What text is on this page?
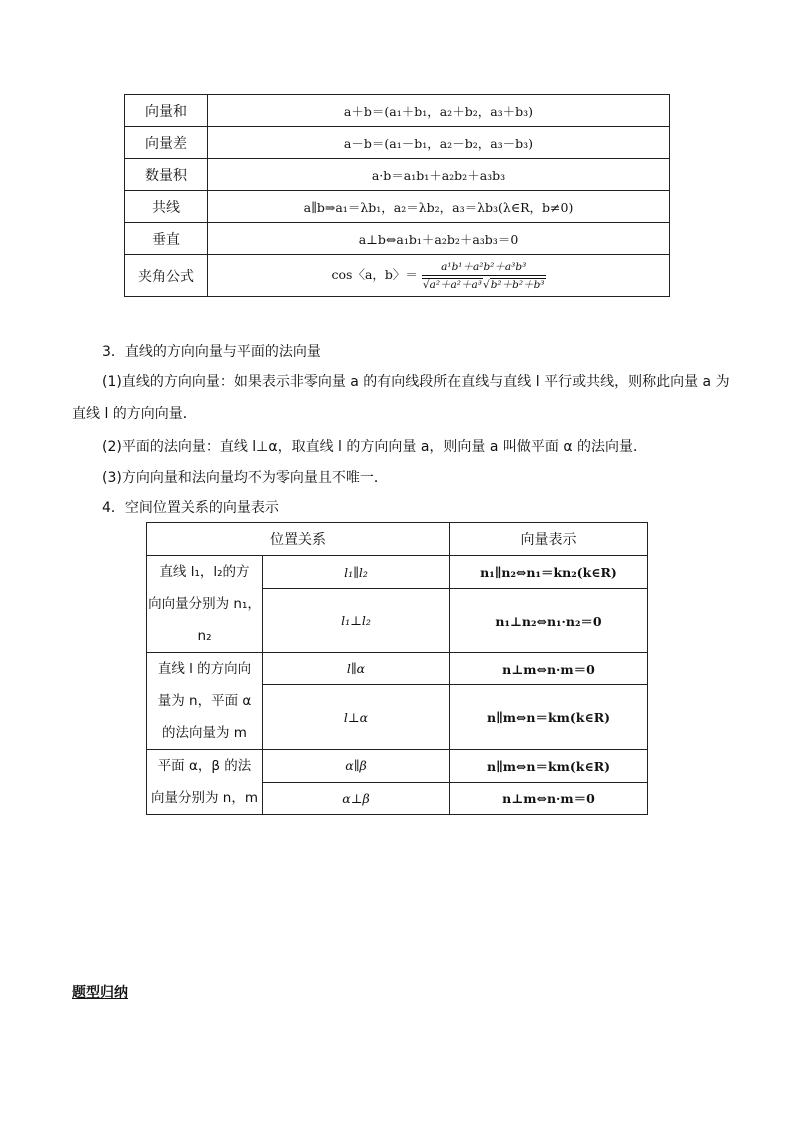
向量和	a＋b＝(a₁＋b₁，a₂＋b₂，a₃＋b₃)
向量差	a－b＝(a₁－b₁，a₂－b₂，a₃－b₃)
数量积	a·b＝a₁b₁＋a₂b₂＋a₃b₃
共线	a∥b⇒a₁＝λb₁，a₂＝λb₂，a₃＝λb₃(λ∈R，b≠0)
垂直	a⊥b⇔a₁b₁＋a₂b₂＋a₃b₃＝0
夹角公式	cos〈a，b〉＝ $\frac{\text{a¹b¹＋a²b²＋a³b³}}{\text{√a²＋a²＋a³√b²＋b²＋b³}}$
3．直线的方向向量与平面的法向量
(1)直线的方向向量：如果表示非零向量 a 的有向线段所在直线与直线 l 平行或共线，则称此向量 a 为
直线 l 的方向向量．
(2)平面的法向量：直线 l⊥α，取直线 l 的方向向量 a，则向量 a 叫做平面 α 的法向量．
(3)方向向量和法向量均不为零向量且不唯一．
4．空间位置关系的向量表示
位置关系		向量表示

直线 l₁，l₂的方
向向量分别为 n₁，
n₂	l₁∥l₂	n₁∥n₂⇔n₁＝kn₂(k∈R)
	l₁⊥l₂	n₁⊥n₂⇔n₁·n₂＝0

直线 l 的方向向
量为 n，平面 α
的法向量为 m	l∥α	n⊥m⇔n·m＝0
	l⊥α	n∥m⇔n＝km(k∈R)

平面 α，β 的法
向量分别为 n，m	α∥β	n∥m⇔n＝km(k∈R)
	α⊥β	n⊥m⇔n·m＝0
题型归纳
